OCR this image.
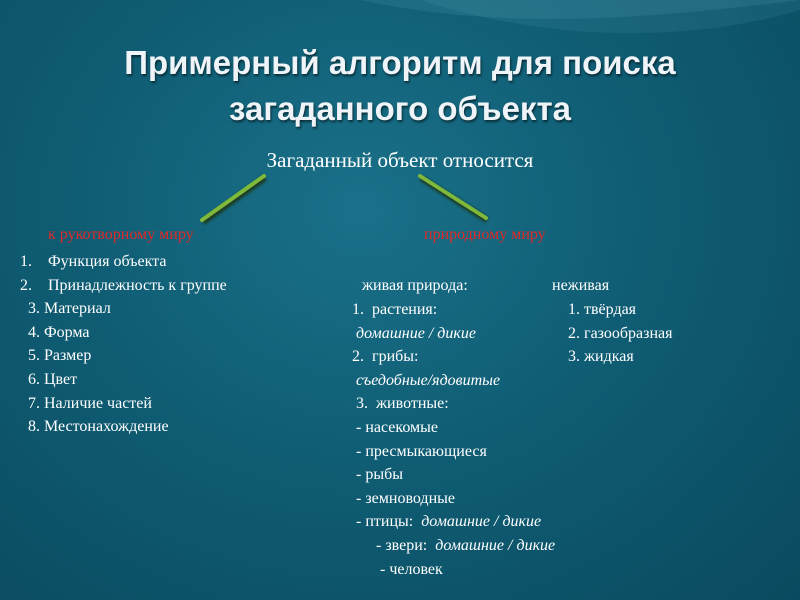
Примерный алгоритм для поиска
загаданного объекта
Загаданный объект относится
к рукотворному миру	природному миру
1.    Функция объекта
2.    Принадлежность к группе
3. Материал
4. Форма
5. Размер
6. Цвет
7. Наличие частей
8. Местонахождение
живая природа:	неживая
1.  растения:
домашние / дикие
2.  грибы:
съедобные/ядовитые
3.  животные:
- насекомые
- пресмыкающиеся
- рыбы
- земноводные
- птицы:  домашние / дикие
- звери:  домашние / дикие
- человек
1. твёрдая
2. газообразная
3. жидкая
